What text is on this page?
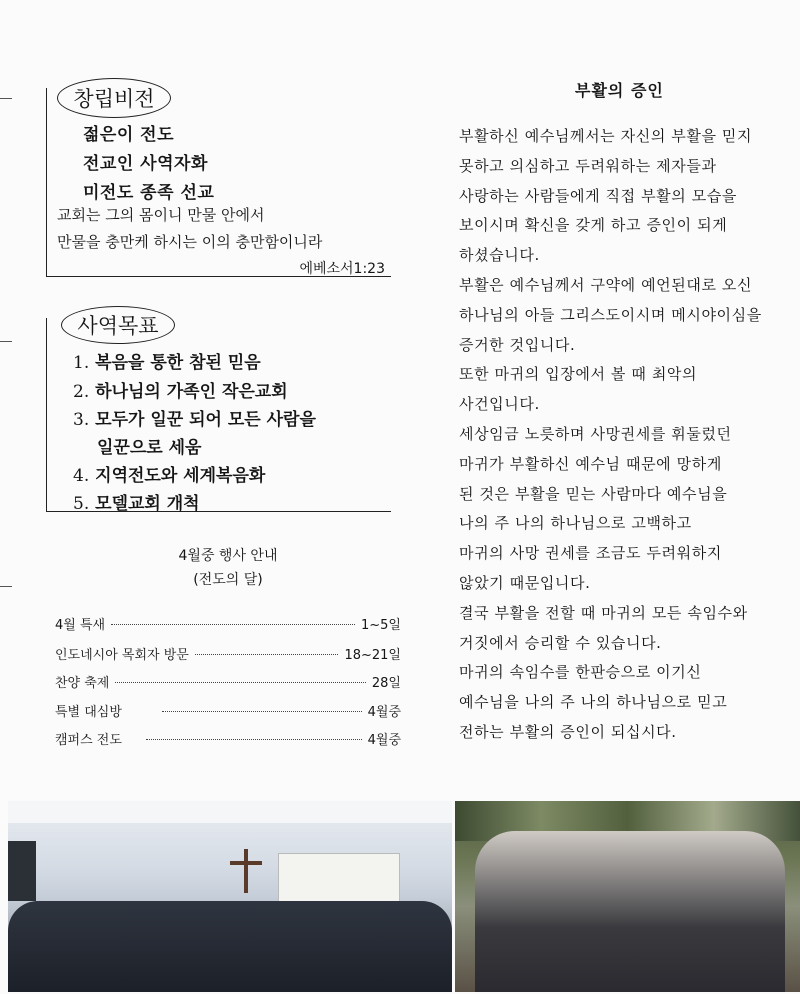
창립비전
젊은이 전도
전교인 사역자화
미전도 종족 선교
교회는 그의 몸이니 만물 안에서
만물을 충만케 하시는 이의 충만함이니라
에베소서1:23
사역목표
1. 복음을 통한 참된 믿음
2. 하나님의 가족인 작은교회
3. 모두가 일꾼 되어 모든 사람을
일꾼으로 세움
4. 지역전도와 세계복음화
5. 모델교회 개척
4월중 행사 안내
(전도의 달)
4월 특새	1~5일
인도네시아 목회자 방문	18~21일
찬양 축제	28일
특별 대심방	4월중
캠퍼스 전도	4월중
부활의 증인
부활하신 예수님께서는 자신의 부활을 믿지
못하고 의심하고 두려워하는 제자들과
사랑하는 사람들에게 직접 부활의 모습을
보이시며 확신을 갖게 하고 증인이 되게
하셨습니다.
부활은 예수님께서 구약에 예언된대로 오신
하나님의 아들 그리스도이시며 메시야이심을
증거한 것입니다.
또한 마귀의 입장에서 볼 때 최악의
사건입니다.
세상임금 노릇하며 사망권세를 휘둘렀던
마귀가 부활하신 예수님 때문에 망하게
된 것은 부활을 믿는 사람마다 예수님을
나의 주 나의 하나님으로 고백하고
마귀의 사망 권세를 조금도 두려워하지
않았기 때문입니다.
결국 부활을 전할 때 마귀의 모든 속임수와
거짓에서 승리할 수 있습니다.
마귀의 속임수를 한판승으로 이기신
예수님을 나의 주 나의 하나님으로 믿고
전하는 부활의 증인이 되십시다.
